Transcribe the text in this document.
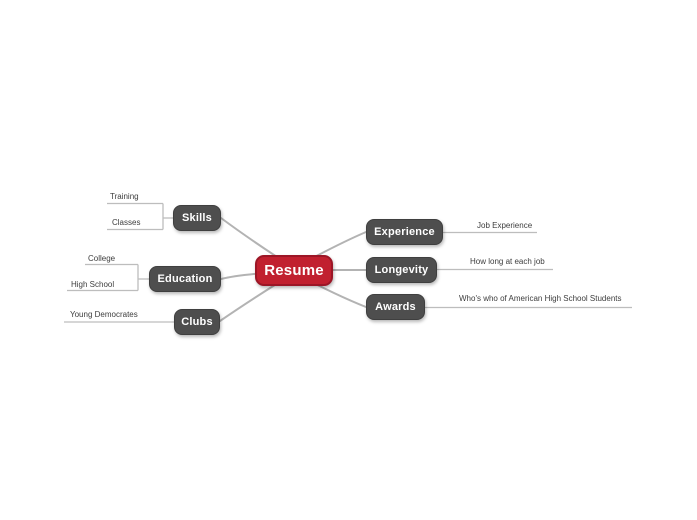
Resume
Skills
Education
Clubs
Experience
Longevity
Awards
Training
Classes
College
High School
Young Democrates
Job Experience
How long at each job
Who's who of American High School Students
